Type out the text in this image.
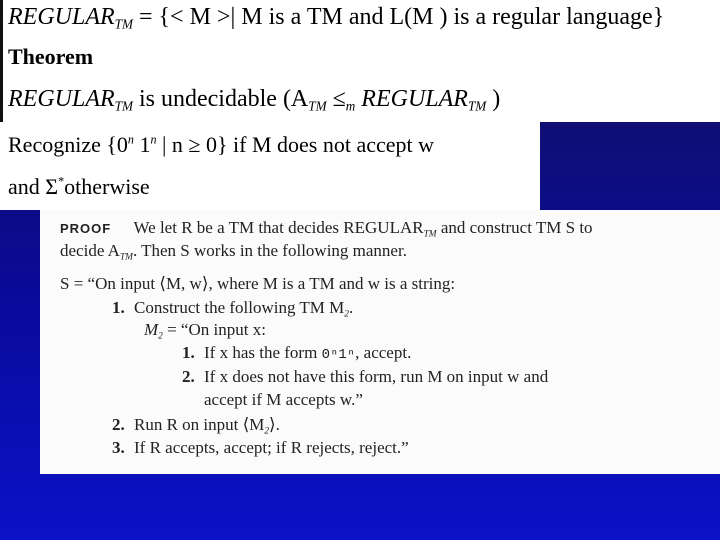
$REGULAR_{TM}$ = {< M >| M is a TM and L(M ) is a regular language}
Theorem
$REGULAR_{TM}$ is undecidable ($A_{TM} \le_m$ $REGULAR_{TM}$ )
Recognize {0$^n$ 1$^n$ | n ≥ 0} if M does not accept w
and Σ*otherwise
PROOF We let R be a TM that decides $REGULAR_{TM}$ and construct TM S to
decide $A_{TM}$. Then S works in the following manner.
S = “On input ⟨M, w⟩, where M is a TM and w is a string:
1. Construct the following TM $M_2$.
$M_2$ = “On input x:
1. If x has the form 0ⁿ1ⁿ, accept.
2. If x does not have this form, run M on input w and
accept if M accepts w.”
2. Run R on input $⟨M_2⟩$.
3. If R accepts, accept; if R rejects, reject.”
